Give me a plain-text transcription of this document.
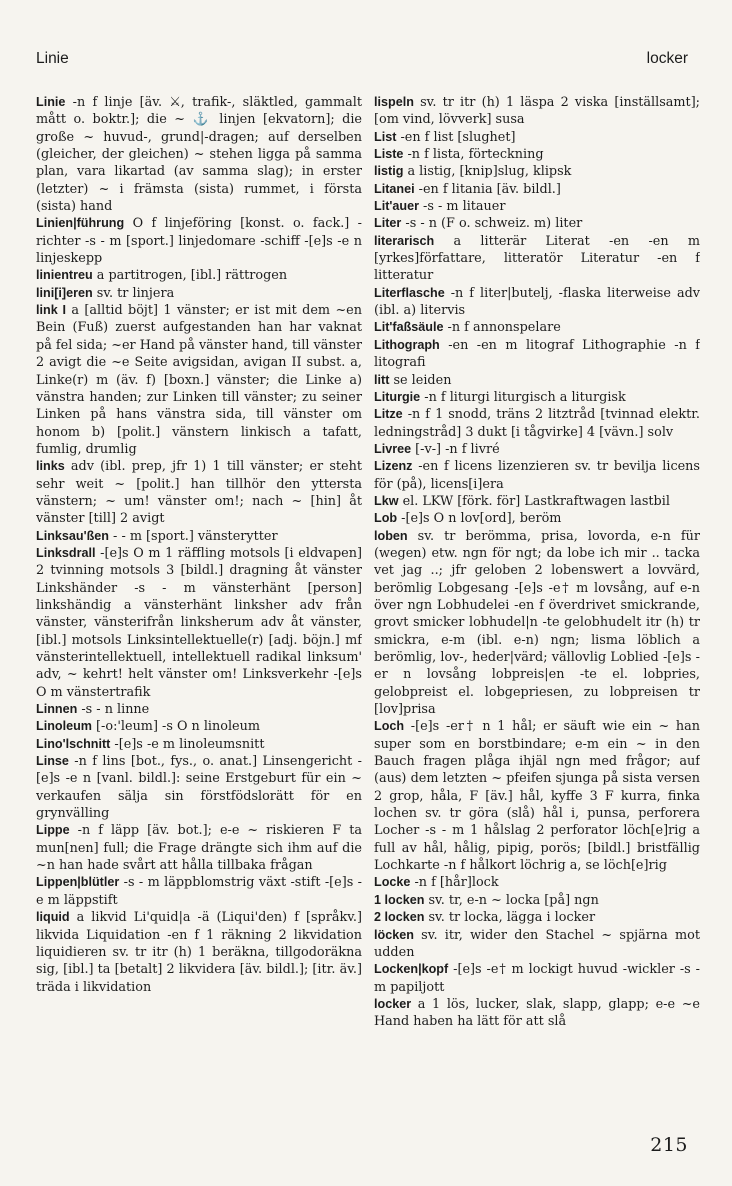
Linie	locker

Linie -n f linje [äv. ⚔, trafik-, släktled, gammalt mått o. boktr.]; die ~ ⚓ linjen [ekvatorn]; die große ~ huvud-, grund|-dragen; auf derselben (gleicher, der gleichen) ~ stehen ligga på samma plan, vara likartad (av samma slag); in erster (letzter) ~ i främsta (sista) rummet, i första (sista) hand

Linien|führung O f linjeföring [konst. o. fack.] -richter -s - m [sport.] linjedomare -schiff -[e]s -e n linjeskepp

linientreu a partitrogen, [ibl.] rättrogen

lini[i]eren sv. tr linjera

link I a [alltid böjt] 1 vänster; er ist mit dem ~en Bein (Fuß) zuerst aufgestanden han har vaknat på fel sida; ~er Hand på vänster hand, till vänster 2 avigt die ~e Seite avigsidan, avigan II subst. a, Linke(r) m (äv. f) [boxn.] vänster; die Linke a) vänstra handen; zur Linken till vänster; zu seiner Linken på hans vänstra sida, till vänster om honom b) [polit.] vänstern linkisch a tafatt, fumlig, drumlig

links adv (ibl. prep, jfr 1) 1 till vänster; er steht sehr weit ~ [polit.] han tillhör den yttersta vänstern; ~ um! vänster om!; nach ~ [hin] åt vänster [till] 2 avigt

Linksau'ßen - - m [sport.] vänsterytter

Linksdrall -[e]s O m 1 räffling motsols [i eldvapen] 2 tvinning motsols 3 [bildl.] dragning åt vänster Linkshänder -s - m vänsterhänt [person] linkshändig a vänsterhänt linksher adv från vänster, vänsterifrån linksherum adv åt vänster, [ibl.] motsols Linksintellektuelle(r) [adj. böjn.] mf vänsterintellektuell, intellektuell radikal linksum' adv, ~ kehrt! helt vänster om! Linksverkehr -[e]s O m vänstertrafik

Linnen -s - n linne

Linoleum [-o:'leum] -s O n linoleum

Lino'lschnitt -[e]s -e m linoleumsnitt

Linse -n f lins [bot., fys., o. anat.] Linsengericht -[e]s -e n [vanl. bildl.]: seine Erstgeburt für ein ~ verkaufen sälja sin förstfödslorätt för en grynvälling

Lippe -n f läpp [äv. bot.]; e-e ~ riskieren F ta mun[nen] full; die Frage drängte sich ihm auf die ~n han hade svårt att hålla tillbaka frågan

Lippen|blütler -s - m läppblomstrig växt -stift -[e]s -e m läppstift

liquid a likvid Li'quid|a -ä (Liqui'den) f [språkv.] likvida Liquidation -en f 1 räkning 2 likvidation liquidieren sv. tr itr (h) 1 beräkna, tillgodoräkna sig, [ibl.] ta [betalt] 2 likvidera [äv. bildl.]; [itr. äv.] träda i likvidation

lispeln sv. tr itr (h) 1 läspa 2 viska [inställsamt]; [om vind, lövverk] susa

List -en f list [slughet]

Liste -n f lista, förteckning

listig a listig, [knip]slug, klipsk

Litanei -en f litania [äv. bildl.]

Lit'auer -s - m litauer

Liter -s - n (F o. schweiz. m) liter

literarisch a litterär Literat -en -en m [yrkes]författare, litteratör Literatur -en f litteratur

Literflasche -n f liter|butelj, -flaska literweise adv (ibl. a) litervis

Lit'faßsäule -n f annonspelare

Lithograph -en -en m litograf Lithographie -n f litografi

litt se leiden

Liturgie -n f liturgi liturgisch a liturgisk

Litze -n f 1 snodd, träns 2 litztråd [tvinnad elektr. ledningstråd] 3 dukt [i tågvirke] 4 [vävn.] solv

Livree [-v-] -n f livré

Lizenz -en f licens lizenzieren sv. tr bevilja licens för (på), licens[i]era

Lkw el. LKW [förk. för] Lastkraftwagen lastbil

Lob -[e]s O n lov[ord], beröm

loben sv. tr berömma, prisa, lovorda, e-n für (wegen) etw. ngn för ngt; da lobe ich mir .. tacka vet jag ..; jfr geloben 2 lobenswert a lovvärd, berömlig Lobgesang -[e]s -e† m lovsång, auf e-n över ngn Lobhudelei -en f överdrivet smickrande, grovt smicker lobhudel|n -te gelobhudelt itr (h) tr smickra, e-m (ibl. e-n) ngn; lisma löblich a berömlig, lov-, heder|värd; vällovlig Loblied -[e]s -er n lovsång lobpreis|en -te el. lobpries, gelobpreist el. lobgepriesen, zu lobpreisen tr [lov]prisa

Loch -[e]s -er† n 1 hål; er säuft wie ein ~ han super som en borstbindare; e-m ein ~ in den Bauch fragen plåga ihjäl ngn med frågor; auf (aus) dem letzten ~ pfeifen sjunga på sista versen 2 grop, håla, F [äv.] hål, kyffe 3 F kurra, finka lochen sv. tr göra (slå) hål i, punsa, perforera Locher -s - m 1 hålslag 2 perforator löch[e]rig a full av hål, hålig, pipig, porös; [bildl.] bristfällig Lochkarte -n f hålkort löchrig a, se löch[e]rig

Locke -n f [hår]lock

1 locken sv. tr, e-n ~ locka [på] ngn

2 locken sv. tr locka, lägga i locker

löcken sv. itr, wider den Stachel ~ spjärna mot udden

Locken|kopf -[e]s -e† m lockigt huvud -wickler -s - m papiljott

locker a 1 lös, lucker, slak, slapp, glapp; e-e ~e Hand haben ha lätt för att slå

215
